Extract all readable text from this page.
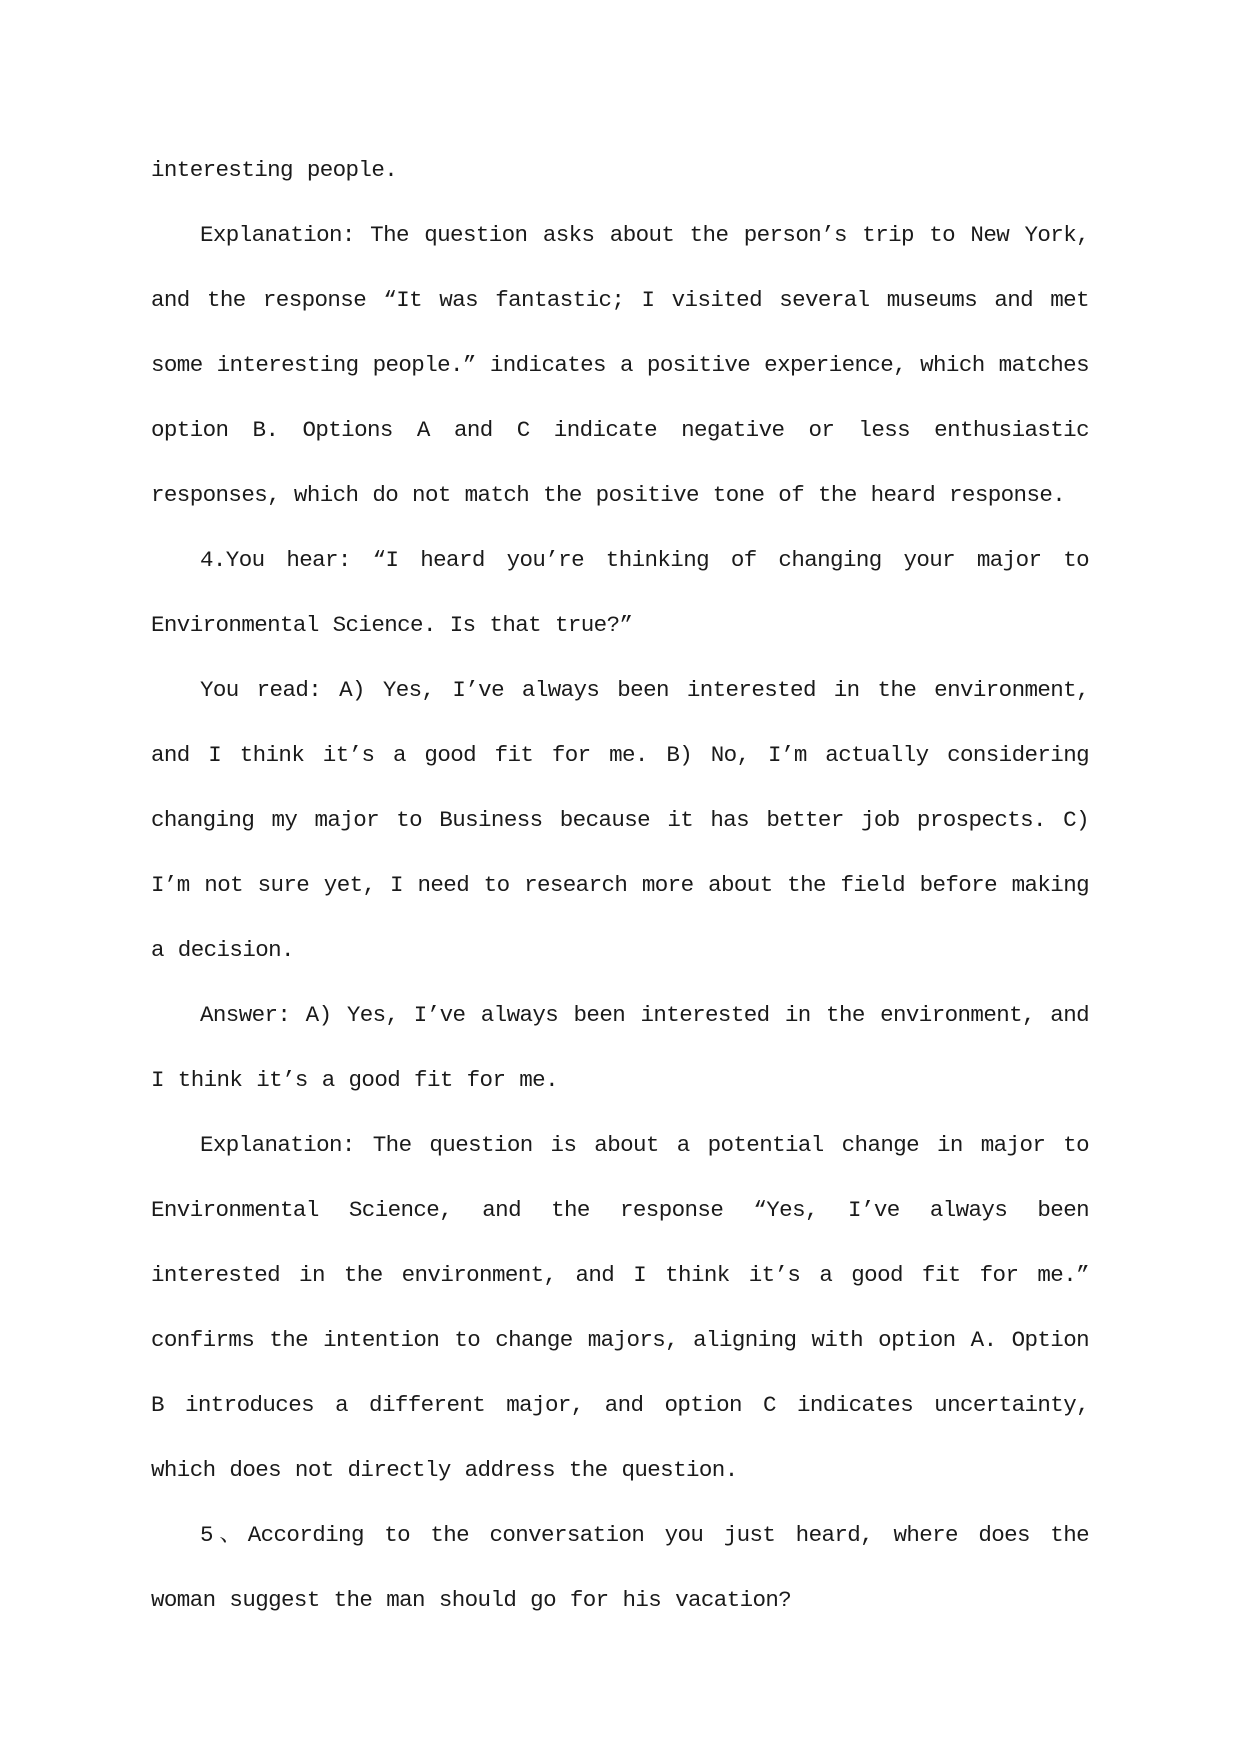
interesting people.

Explanation: The question asks about the person’s trip to New York, and the response “It was fantastic; I visited several museums and met some interesting people.” indicates a positive experience, which matches option B. Options A and C indicate negative or less enthusiastic responses, which do not match the positive tone of the heard response.

4.You hear: “I heard you’re thinking of changing your major to Environmental Science. Is that true?”

You read: A) Yes, I’ve always been interested in the environment, and I think it’s a good fit for me. B) No, I’m actually considering changing my major to Business because it has better job prospects. C) I’m not sure yet, I need to research more about the field before making a decision.

Answer: A) Yes, I’ve always been interested in the environment, and I think it’s a good fit for me.

Explanation: The question is about a potential change in major to Environmental Science, and the response “Yes, I’ve always been interested in the environment, and I think it’s a good fit for me.” confirms the intention to change majors, aligning with option A. Option B introduces a different major, and option C indicates uncertainty, which does not directly address the question.

5、According to the conversation you just heard, where does the woman suggest the man should go for his vacation?
